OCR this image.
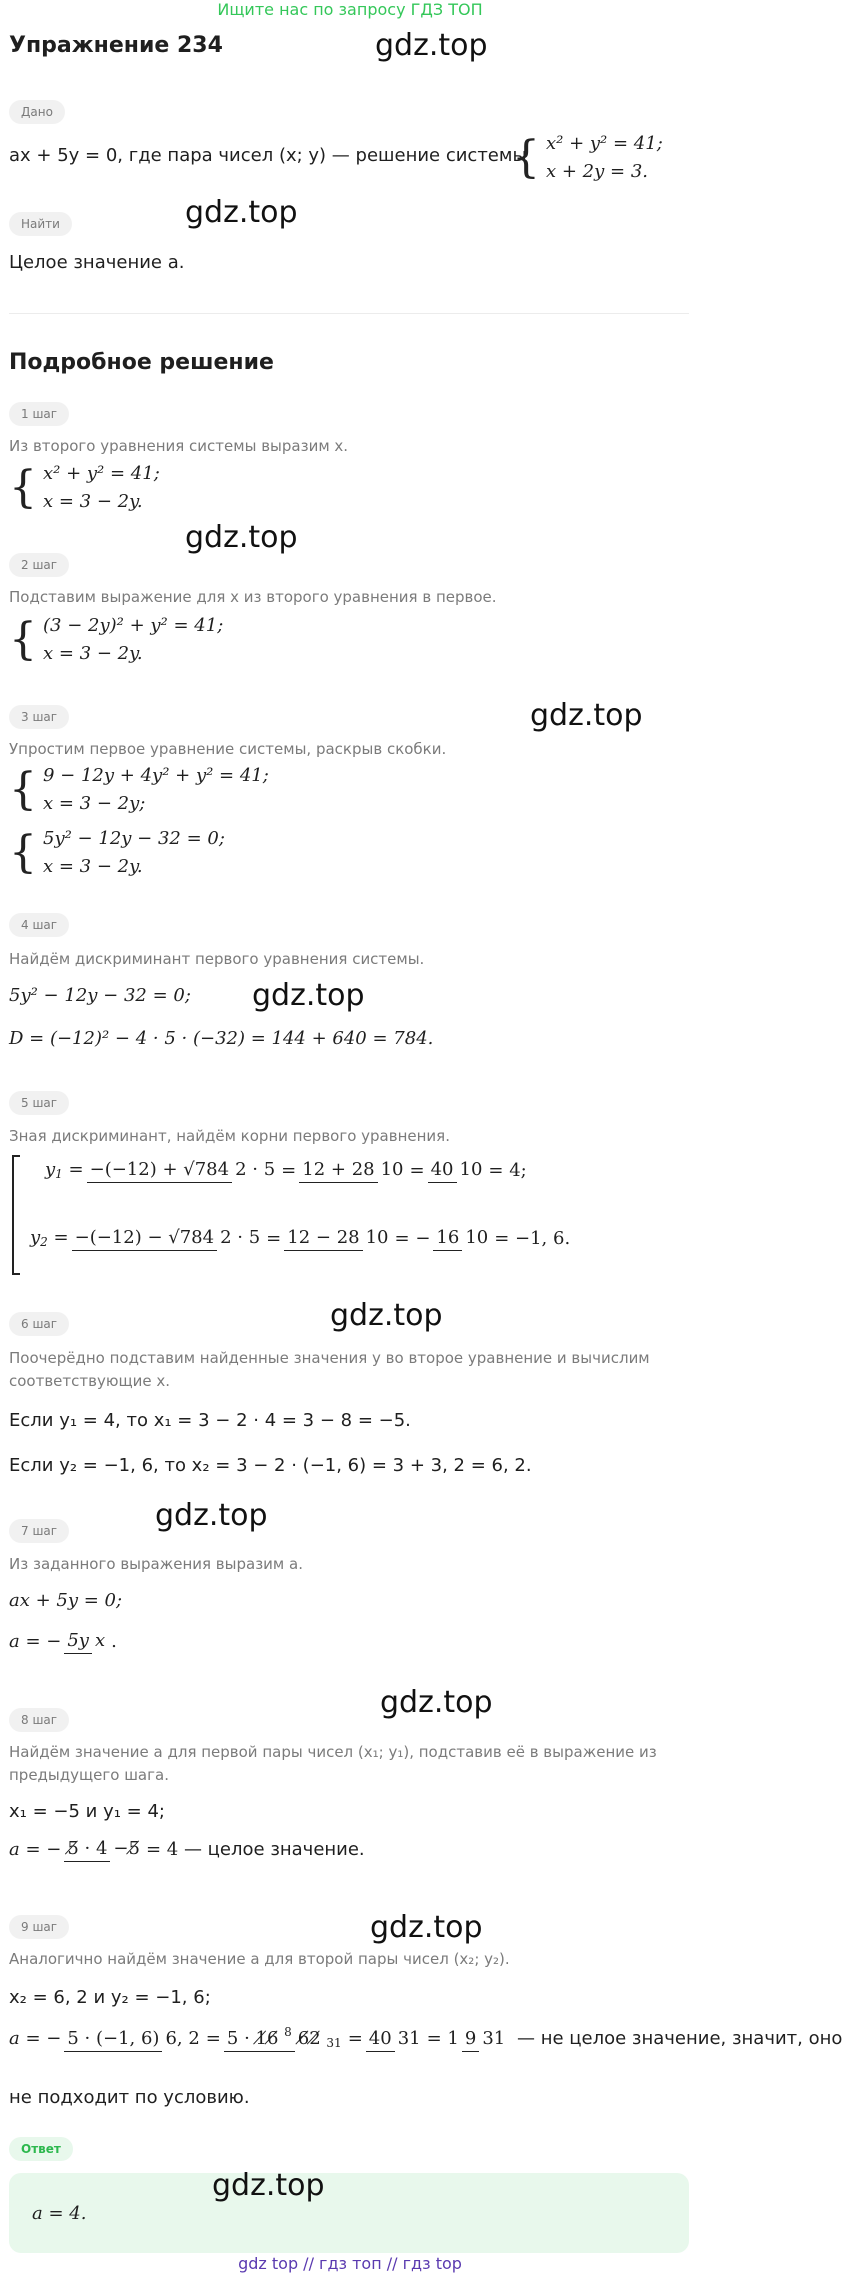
Ищите нас по запросу ГДЗ ТОП
Упражнение 234	gdz.top
Дано
ax + 5y = 0, где пара чисел (x; y) — решение системы
{ x² + y² = 41;
x + 2y = 3.
Найти	gdz.top
Целое значение a.
Подробное решение
1 шаг
Из второго уравнения системы выразим x.
{ x² + y² = 41;
x = 3 − 2y.
gdz.top
2 шаг
Подставим выражение для x из второго уравнения в первое.
{ (3 − 2y)² + y² = 41;
x = 3 − 2y.
gdz.top
3 шаг
Упростим первое уравнение системы, раскрыв скобки.
{ 9 − 12y + 4y² + y² = 41;
x = 3 − 2y;
{ 5y² − 12y − 32 = 0;
x = 3 − 2y.
4 шаг
Найдём дискриминант первого уравнения системы.
5y² − 12y − 32 = 0; gdz.top
D = (−12)² − 4 · 5 · (−32) = 144 + 640 = 784.
5 шаг
Зная дискриминант, найдём корни первого уравнения.
y1 = −(−12) + √784 2 · 5 = 12 + 28 10 = 40 10 = 4;
y2 = −(−12) − √784 2 · 5 = 12 − 28 10 = − 16 10 = −1, 6.
gdz.top
6 шаг
Поочерёдно подставим найденные значения y во второе уравнение и вычислим
соответствующие x.
Если y₁ = 4, то x₁ = 3 − 2 · 4 = 3 − 8 = −5.
Если y₂ = −1, 6, то x₂ = 3 − 2 · (−1, 6) = 3 + 3, 2 = 6, 2.
gdz.top
7 шаг
Из заданного выражения выразим a.
ax + 5y = 0;
a = − 5y x .
gdz.top
8 шаг
Найдём значение a для первой пары чисел (x₁; y₁), подставив её в выражение из
предыдущего шага.
x₁ = −5 и y₁ = 4;
a = − 5̸ · 4 −5̸ = 4 — целое значение.
gdz.top
9 шаг
Аналогично найдём значение a для второй пары чисел (x₂; y₂).
x₂ = 6, 2 и y₂ = −1, 6;
a = − 5 · (−1, 6) 6, 2 = 5 · 1̸6̸ 8 6̸2̸ 31 = 40 31 = 1 9 31
— не целое значение, значит, оно
не подходит по условию.
Ответ
gdz.top
a = 4.
gdz top // гдз топ // гдз top
